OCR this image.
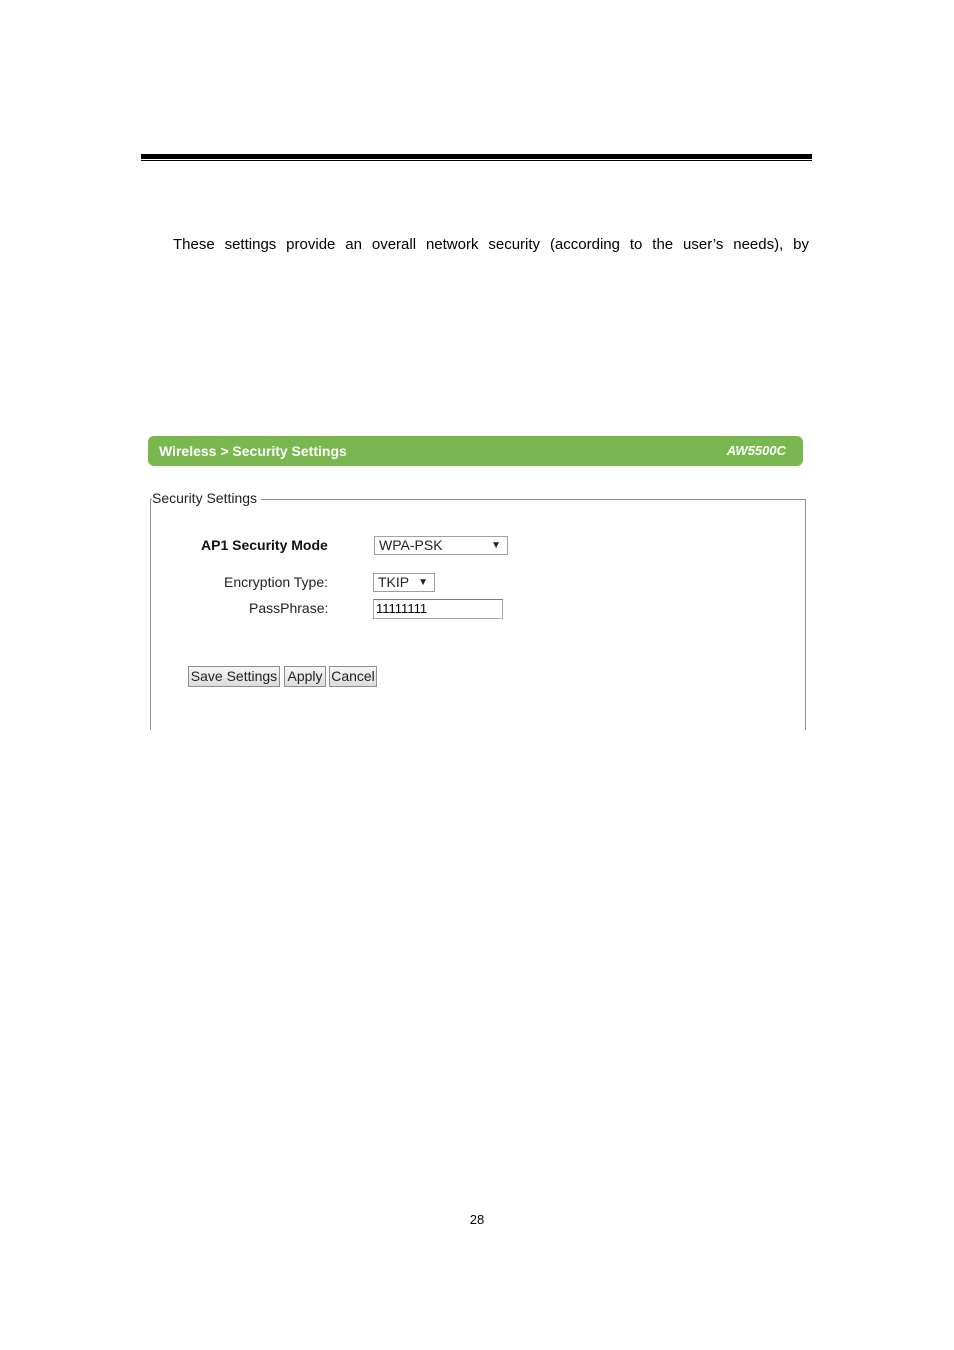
These settings provide an overall network security (according to the user’s needs), by
Wireless > Security Settings	AW5500C
Security Settings
AP1 Security Mode	WPA-PSK	▼
Encryption Type:	TKIP ▼
PassPhrase:	11111111
Save Settings Apply Cancel
28
